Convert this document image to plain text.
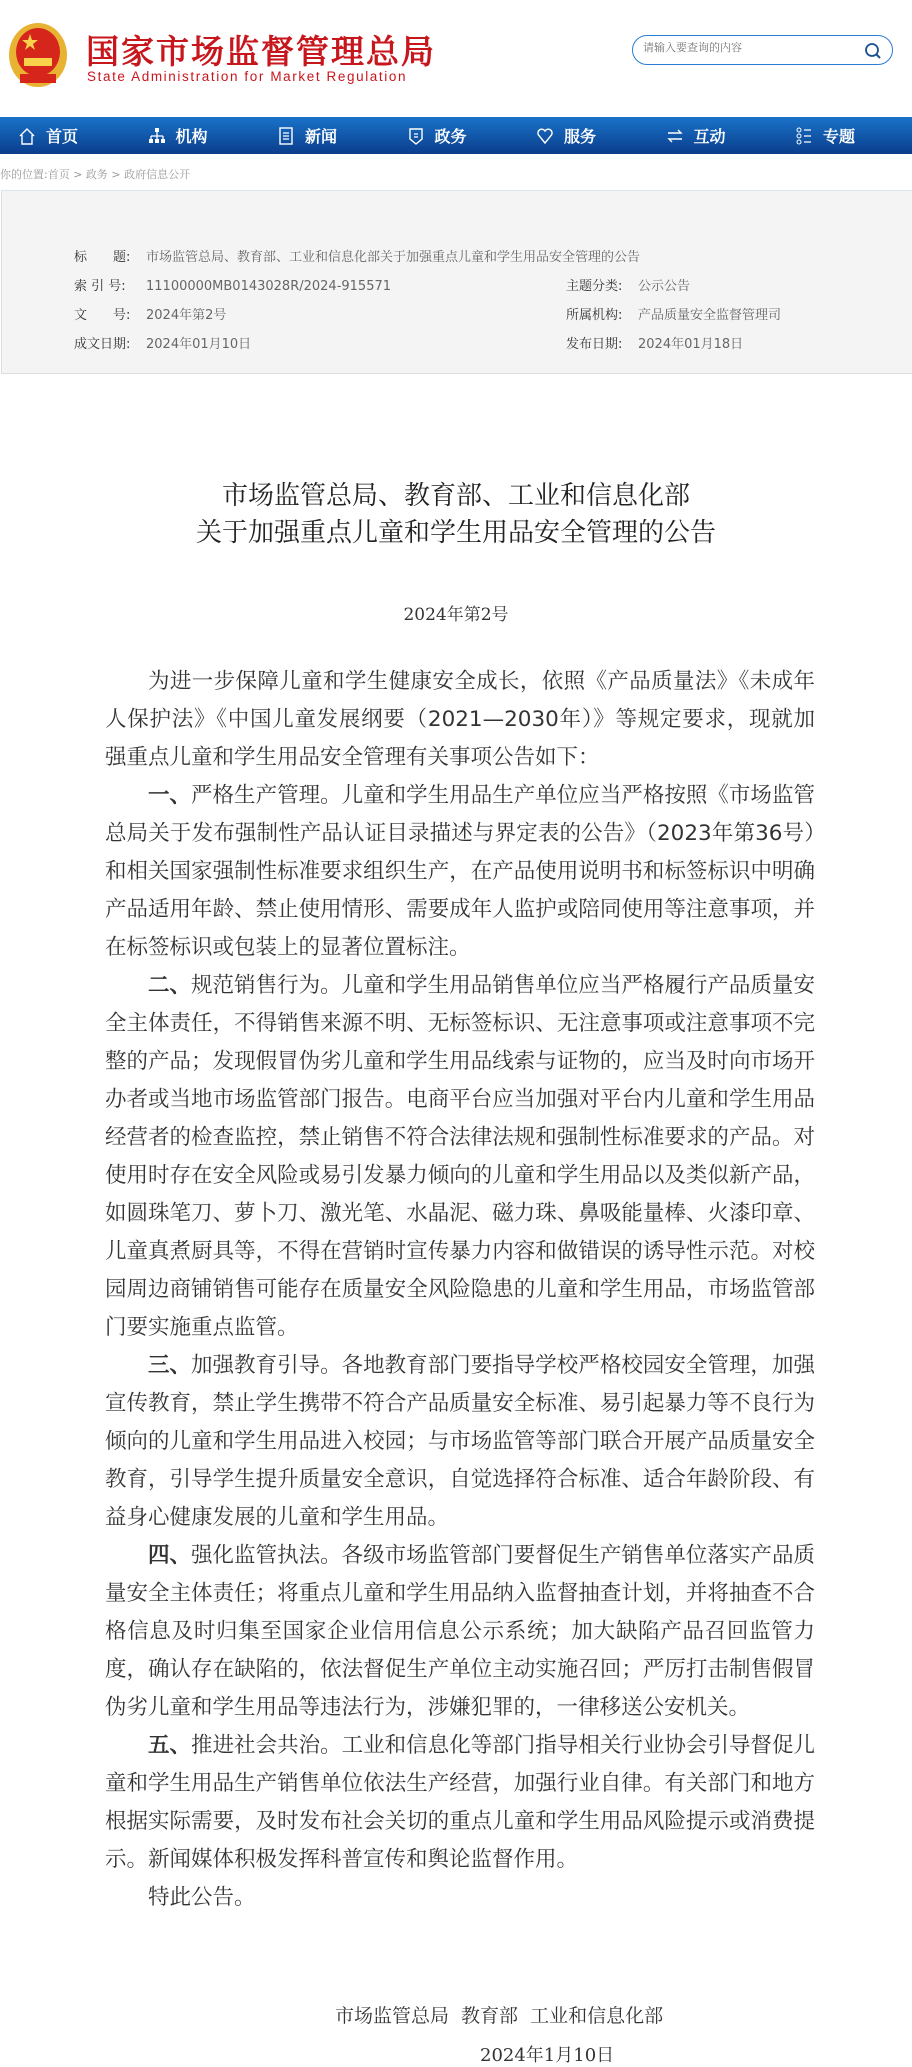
国家市场监督管理总局
State Administration for Market Regulation
请输入要查询的内容
首页	机构	新闻	政务	服务	互动	专题
你的位置:首页 > 政务 > 政府信息公开
标　　题: 市场监管总局、教育部、工业和信息化部关于加强重点儿童和学生用品安全管理的公告
索 引 号: 11100000MB0143028R/2024-915571	主题分类: 公示公告
文　　号: 2024年第2号	所属机构: 产品质量安全监督管理司
成文日期: 2024年01月10日	发布日期: 2024年01月18日
市场监管总局、教育部、工业和信息化部
关于加强重点儿童和学生用品安全管理的公告
2024年第2号

为进一步保障儿童和学生健康安全成长，依照《产品质量法》《未成年人保护法》《中国儿童发展纲要（2021—2030年）》等规定要求，现就加强重点儿童和学生用品安全管理有关事项公告如下：

一、严格生产管理。儿童和学生用品生产单位应当严格按照《市场监管总局关于发布强制性产品认证目录描述与界定表的公告》（2023年第36号）和相关国家强制性标准要求组织生产，在产品使用说明书和标签标识中明确产品适用年龄、禁止使用情形、需要成年人监护或陪同使用等注意事项，并在标签标识或包装上的显著位置标注。

二、规范销售行为。儿童和学生用品销售单位应当严格履行产品质量安全主体责任，不得销售来源不明、无标签标识、无注意事项或注意事项不完整的产品；发现假冒伪劣儿童和学生用品线索与证物的，应当及时向市场开办者或当地市场监管部门报告。电商平台应当加强对平台内儿童和学生用品经营者的检查监控，禁止销售不符合法律法规和强制性标准要求的产品。对使用时存在安全风险或易引发暴力倾向的儿童和学生用品以及类似新产品，如圆珠笔刀、萝卜刀、激光笔、水晶泥、磁力珠、鼻吸能量棒、火漆印章、儿童真煮厨具等，不得在营销时宣传暴力内容和做错误的诱导性示范。对校园周边商铺销售可能存在质量安全风险隐患的儿童和学生用品，市场监管部门要实施重点监管。

三、加强教育引导。各地教育部门要指导学校严格校园安全管理，加强宣传教育，禁止学生携带不符合产品质量安全标准、易引起暴力等不良行为倾向的儿童和学生用品进入校园；与市场监管等部门联合开展产品质量安全教育，引导学生提升质量安全意识，自觉选择符合标准、适合年龄阶段、有益身心健康发展的儿童和学生用品。

四、强化监管执法。各级市场监管部门要督促生产销售单位落实产品质量安全主体责任；将重点儿童和学生用品纳入监督抽查计划，并将抽查不合格信息及时归集至国家企业信用信息公示系统；加大缺陷产品召回监管力度，确认存在缺陷的，依法督促生产单位主动实施召回；严厉打击制售假冒伪劣儿童和学生用品等违法行为，涉嫌犯罪的，一律移送公安机关。

五、推进社会共治。工业和信息化等部门指导相关行业协会引导督促儿童和学生用品生产销售单位依法生产经营，加强行业自律。有关部门和地方根据实际需要，及时发布社会关切的重点儿童和学生用品风险提示或消费提示。新闻媒体积极发挥科普宣传和舆论监督作用。

特此公告。

市场监管总局 教育部 工业和信息化部
2024年1月10日
